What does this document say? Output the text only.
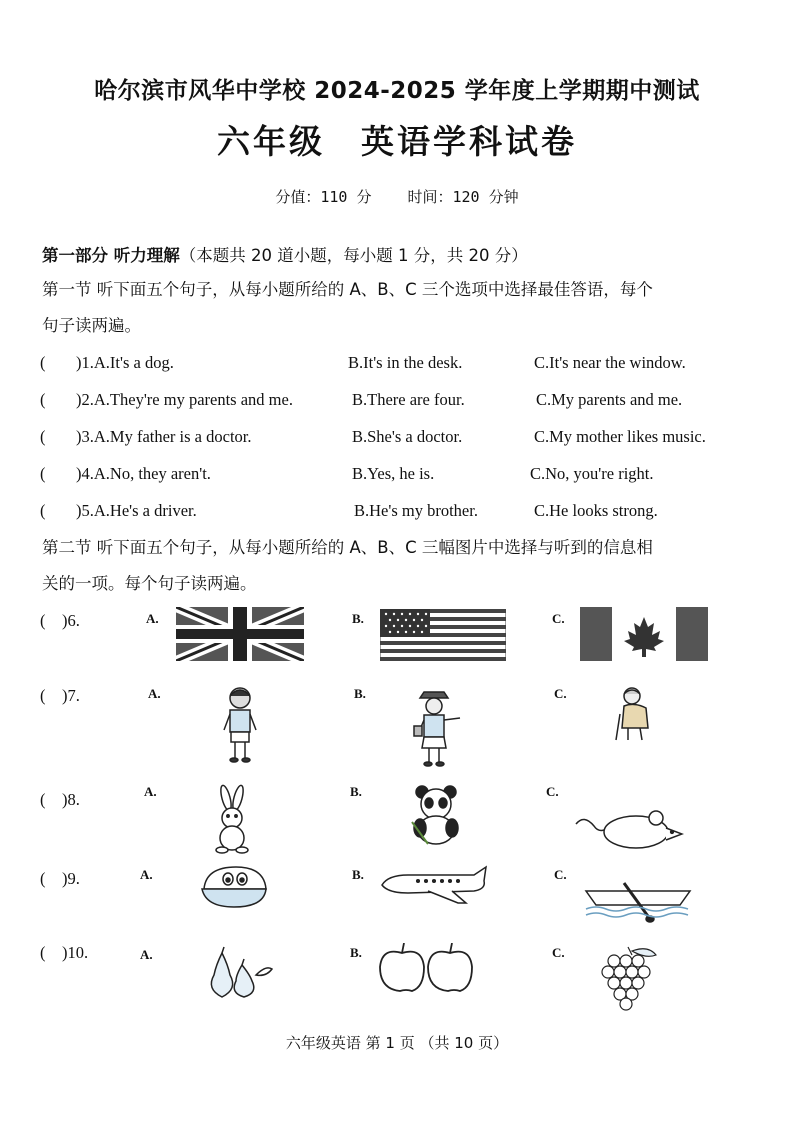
哈尔滨市风华中学校 2024-2025 学年度上学期期中测试
六年级 英语学科试卷
分值：110 分 时间：120 分钟
第一部分 听力理解（本题共 20 道小题，每小题 1 分，共 20 分）
第一节 听下面五个句子，从每小题所给的 A、B、C 三个选项中选择最佳答语，每个
句子读两遍。
( )1.A.It's a dog.	B.It's in the desk.	C.It's near the window.
( )2.A.They're my parents and me.	B.There are four.	C.My parents and me.
( )3.A.My father is a doctor.	B.She's a doctor.	C.My mother likes music.
( )4.A.No, they aren't.	B.Yes, he is.	C.No, you're right.
( )5.A.He's a driver.	B.He's my brother.	C.He looks strong.
第二节 听下面五个句子，从每小题所给的 A、B、C 三幅图片中选择与听到的信息相
关的一项。每个句子读两遍。
( )6.	A.	B.	C.
( )7.	A.	B.	C.
( )8.	A.	B.	C.
( )9.	A.	B.	C.
( )10.	A.	B.	C.
六年级英语 第 1 页 （共 10 页）
